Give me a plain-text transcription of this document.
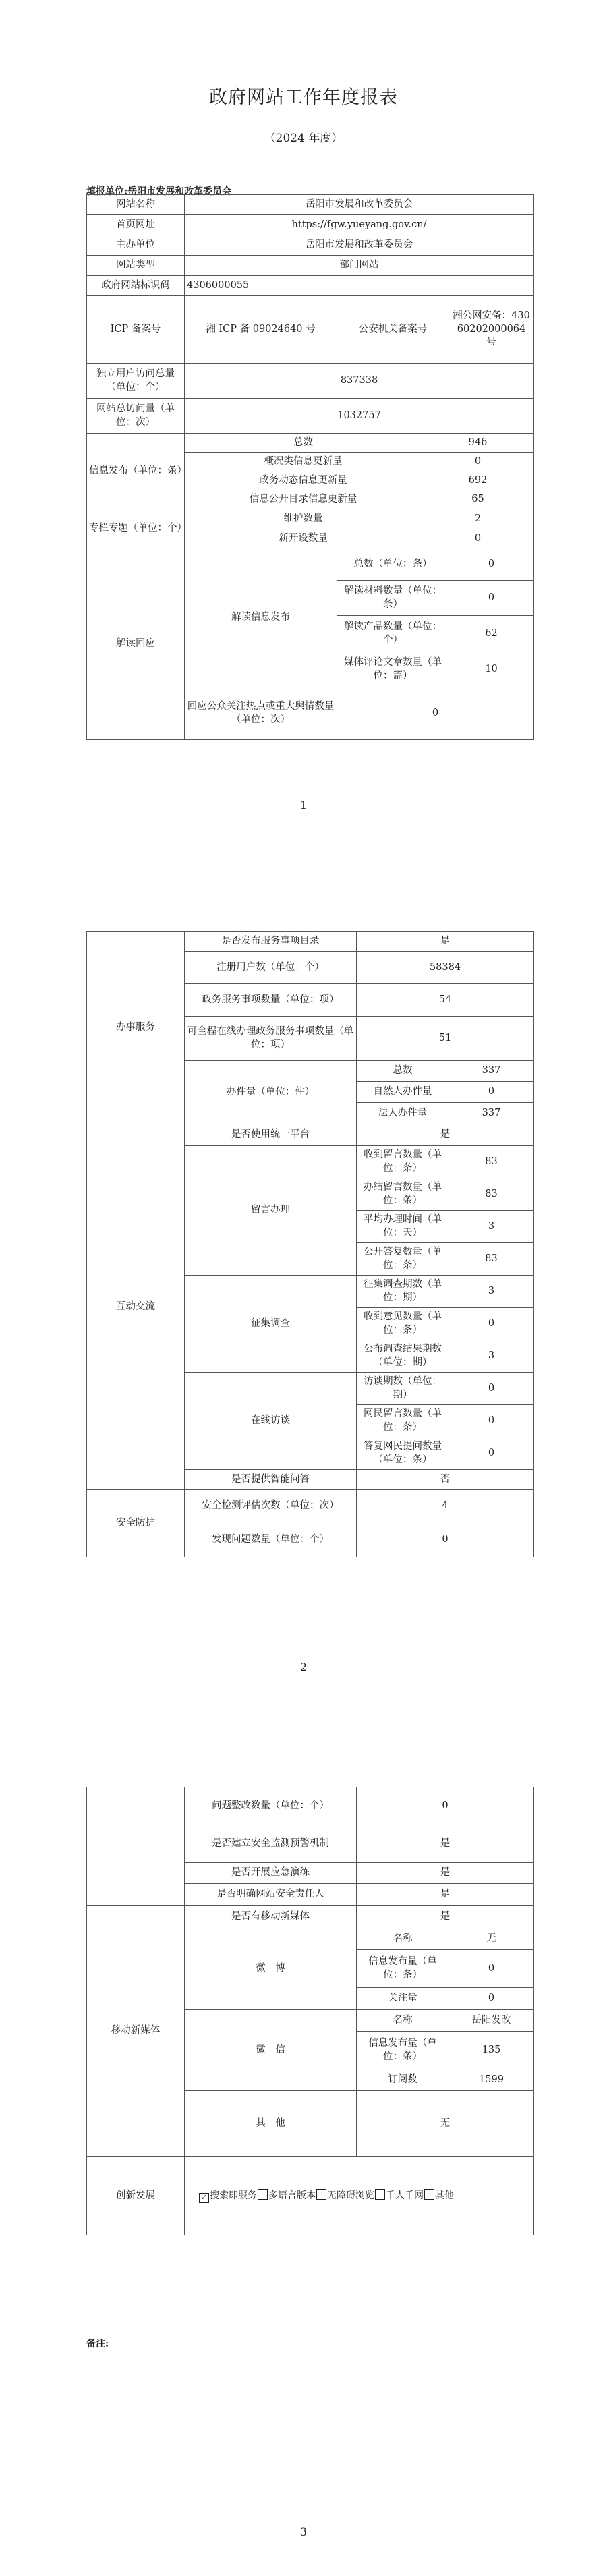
政府网站工作年度报表
（2024 年度）
填报单位:岳阳市发展和改革委员会
网站名称	岳阳市发展和改革委员会			
首页网址	https://fgw.yueyang.gov.cn/			
主办单位	岳阳市发展和改革委员会			
网站类型	部门网站			
政府网站标识码	4306000055			
ICP 备案号	湘 ICP 备 09024640 号	公安机关备案号		湘公网安备：43060202000064 号
独立用户访问总量（单位：个）	837338			
网站总访问量（单位：次）	1032757			
信息发布（单位：条）	总数		946	
	概况类信息更新量		0	
	政务动态信息更新量		692	
	信息公开目录信息更新量		65	
专栏专题（单位：个）	维护数量		2	
	新开设数量		0	
解读回应	解读信息发布	总数（单位：条）		0
		解读材料数量（单位：条）		0
		解读产品数量（单位：个）		62
		媒体评论文章数量（单位：篇）		10
	回应公众关注热点或重大舆情数量（单位：次）	0		
1
办事服务	是否发布服务事项目录	是	
	注册用户数（单位：个）	58384	
	政务服务事项数量（单位：项）	54	
	可全程在线办理政务服务事项数量（单位：项）	51	
	办件量（单位：件）	总数	337
		自然人办件量	0
		法人办件量	337
互动交流	是否使用统一平台	是	
	留言办理	收到留言数量（单位：条）	83
		办结留言数量（单位：条）	83
		平均办理时间（单位：天）	3
		公开答复数量（单位：条）	83
	征集调查	征集调查期数（单位：期）	3
		收到意见数量（单位：条）	0
		公布调查结果期数（单位：期）	3
	在线访谈	访谈期数（单位：期）	0
		网民留言数量（单位：条）	0
		答复网民提问数量（单位：条）	0
	是否提供智能问答	否	
安全防护	安全检测评估次数（单位：次）	4	
	发现问题数量（单位：个）	0	
2
	问题整改数量（单位：个）	0	
	是否建立安全监测预警机制	是	
	是否开展应急演练	是	
	是否明确网站安全责任人	是	
移动新媒体	是否有移动新媒体	是	
	微　博	名称	无
		信息发布量（单位：条）	0
		关注量	0
	微　信	名称	岳阳发改
		信息发布量（单位：条）	135
		订阅数	1599
	其　他	无	
创新发展	✓ 搜索即服务 多语言版本 无障碍浏览 千人千网 其他		
备注:
3
